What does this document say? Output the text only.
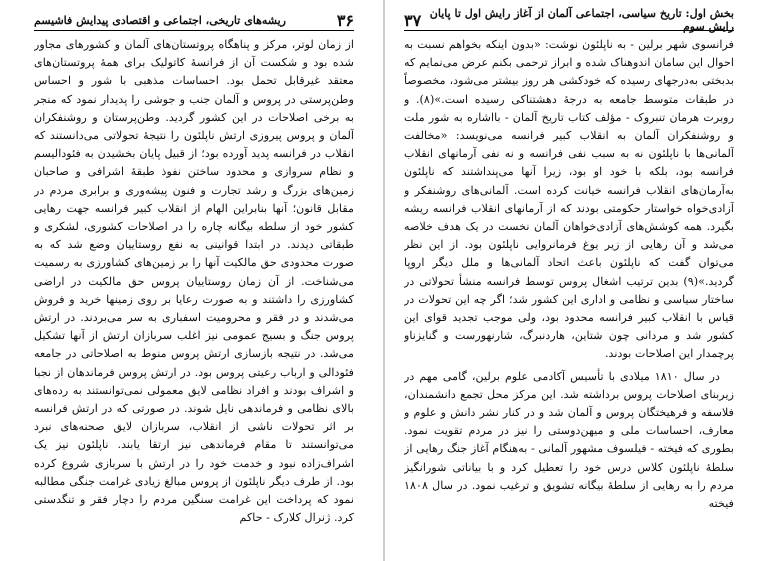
۳۶
ریشه‌های تاریخی، اجتماعی و اقتصادی پیدایش فاشیسم

از زمان لوتر، مرکز و پناهگاه پروتستان‌های آلمان و کشورهای مجاور شده بود و شکست آن از فرانسهٔ کاتولیک برای همهٔ پروتستان‌های معتقد غیرقابل تحمل بود. احساسات مذهبی با شور و احساس وطن‌پرستی در پروس و آلمان جنب و جوشی را پدیدار نمود که منجر به برخی اصلاحات در این کشور گردید. وطن‌پرستان و روشنفکران آلمان و پروس پیروزی ارتش ناپلئون را نتیجهٔ تحولاتی می‌دانستند که انقلاب در فرانسه پدید آورده بود؛ از قبیل پایان بخشیدن به فئودالیسم و نظام سروازی و محدود ساختن نفوذ طبقهٔ اشرافی و صاحبان زمین‌های بزرگ و رشد تجارت و فنون پیشه‌وری و برابری مردم در مقابل قانون؛ آنها بنابراین الهام از انقلاب کبیر فرانسه جهت رهایی کشور خود از سلطه بیگانه چاره را در اصلاحات کشوری، لشکری و طبقاتی دیدند. در ابتدا قوانینی به نفع روستاییان وضع شد که به صورت محدودی حق مالکیت آنها را بر زمین‌های کشاورزی به رسمیت می‌شناخت. از آن زمان روستاییان پروس حق مالکیت در اراضی کشاورزی را داشتند و به صورت رعایا بر روی زمینها خرید و فروش می‌شدند و در فقر و محرومیت اسفباری به سر می‌بردند. در ارتش پروس جنگ و بسیج عمومی نیز اغلب سربازان ارتش از آنها تشکیل می‌شد. در نتیجه بازسازی ارتش پروس منوط به اصلاحاتی در جامعه فئودالی و ارباب رعیتی پروس بود. در ارتش پروس فرماندهان از نجبا و اشراف بودند و افراد نظامی لایق معمولی نمی‌توانستند به رده‌های بالای نظامی و فرماندهی نایل شوند. در صورتی که در ارتش فرانسه بر اثر تحولات ناشی از انقلاب، سربازان لایق صحنه‌های نبرد می‌توانستند تا مقام فرماندهی نیز ارتقا یابند. ناپلئون نیز یک اشراف‌زاده نبود و خدمت خود را در ارتش با سربازی شروع کرده بود. از طرف دیگر ناپلئون از پروس مبالغ زیادی غرامت جنگی مطالبه نمود که پرداخت این غرامت سنگین مردم را دچار فقر و تنگدستی کرد. ژنرال کلارک - حاکم

بخش اول: تاریخ سیاسی، اجتماعی آلمان از آغاز رایش اول تا پایان رایش سوم
۳۷

فرانسوی شهر برلین - به ناپلئون نوشت: «بدون اینکه بخواهم نسبت به احوال این سامان اندوهناک شده و ابراز ترحمی بکنم عرض می‌نمایم که بدبختی به‌درجهای رسیده که خودکشی هر روز بیشتر می‌شود، مخصوصاً در طبقات متوسط جامعه به درجهٔ دهشتناکی رسیده است.»(۸). و روبرت هرمان تنبروک - مؤلف کتاب تاریخ آلمان - بااشاره به شور ملت و روشنفکران آلمان به انقلاب کبیر فرانسه می‌نویسد: «مخالفت آلمانی‌ها با ناپلئون نه به سبب نفی فرانسه و نه نفی آرمانهای انقلاب فرانسه بود، بلکه با خود او بود، زیرا آنها می‌پنداشتند که ناپلئون به‌آرمان‌های انقلاب فرانسه خیانت کرده است. آلمانی‌های روشنفکر و آزادی‌خواه خواستار حکومتی بودند که از آرمانهای انقلاب فرانسه ریشه بگیرد. همه کوشش‌های آزادی‌خواهان آلمان نخست در یک هدف خلاصه می‌شد و آن رهایی از زیر یوغ فرمانروایی ناپلئون بود. از این نظر می‌توان گفت که ناپلئون باعث اتحاد آلمانی‌ها و ملل دیگر اروپا گردید.»(۹) بدین ترتیب اشغال پروس توسط فرانسه منشأ تحولاتی در ساختار سیاسی و نظامی و اداری این کشور شد؛ اگر چه این تحولات در قیاس با انقلاب کبیر فرانسه محدود بود، ولی موجب تجدید قوای این کشور شد و مردانی چون شتاین، هاردنبرگ، شارنهورست و گنایزناو پرچمدار این اصلاحات بودند.

در سال ۱۸۱۰ میلادی با تأسیس آکادمی علوم برلین، گامی مهم در زیربنای اصلاحات پروس برداشته شد. این مرکز محل تجمع دانشمندان، فلاسفه و فرهیختگان پروس و آلمان شد و در کنار نشر دانش و علوم و معارف، احساسات ملی و میهن‌دوستی را نیز در مردم تقویت نمود. بطوری که فیخته - فیلسوف مشهور آلمانی - به‌هنگام آغاز جنگ رهایی از سلطهٔ ناپلئون کلاس درس خود را تعطیل کرد و با بیاناتی شورانگیز مردم را به رهایی از سلطهٔ بیگانه تشویق و ترغیب نمود. در سال ۱۸۰۸ فیخته
